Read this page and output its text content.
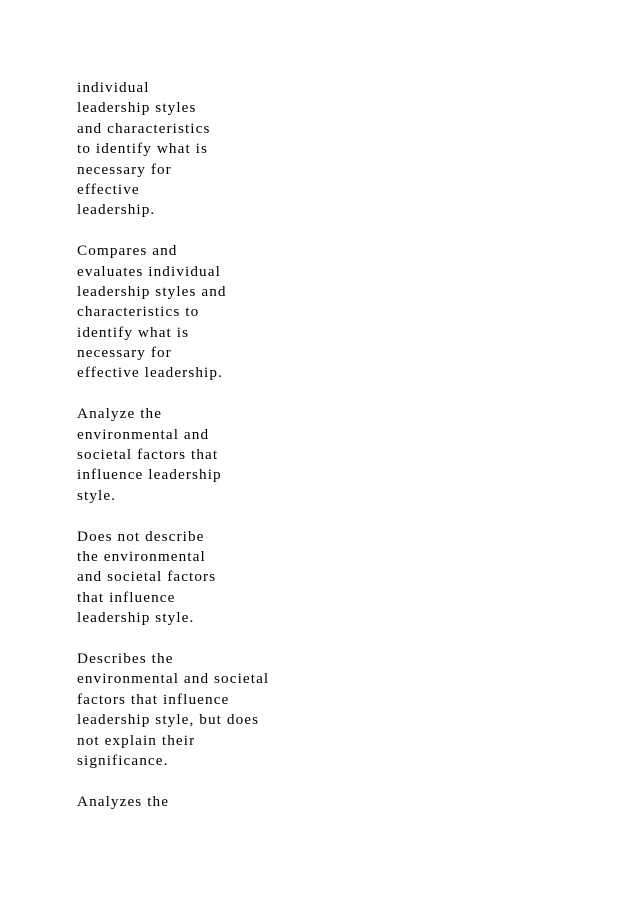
individual
leadership styles
and characteristics
to identify what is
necessary for
effective
leadership.

Compares and
evaluates individual
leadership styles and
characteristics to
identify what is
necessary for
effective leadership.

Analyze the
environmental and
societal factors that
influence leadership
style.

Does not describe
the environmental
and societal factors
that influence
leadership style.

Describes the
environmental and societal
factors that influence
leadership style, but does
not explain their
significance.

Analyzes the
